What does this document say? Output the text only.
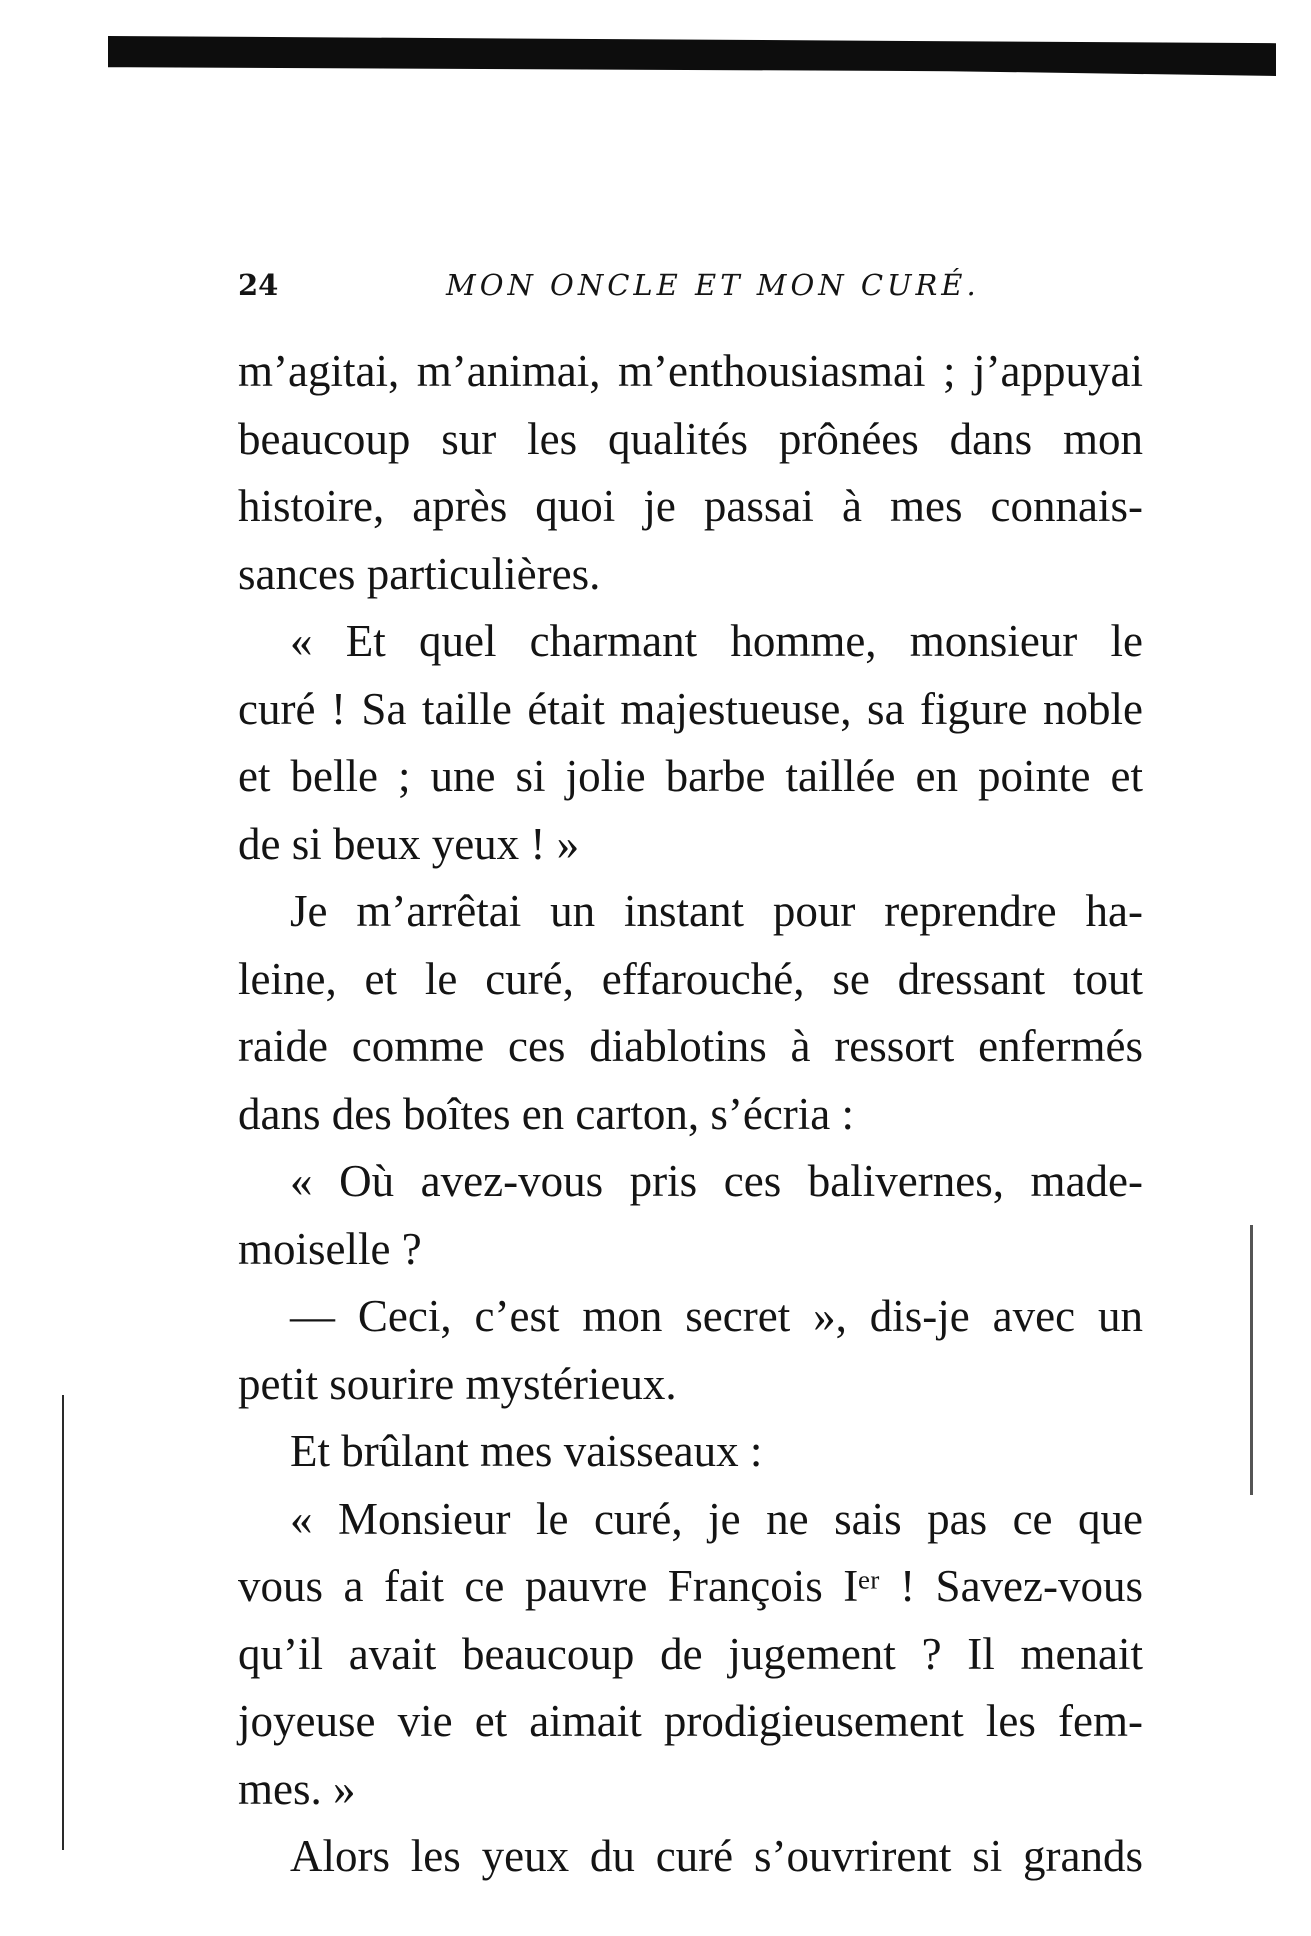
24	MON ONCLE ET MON CURÉ.
m’agitai, m’animai, m’enthousiasmai ; j’appuyai
beaucoup sur les qualités prônées dans mon
histoire, après quoi je passai à mes connais-
sances particulières.
« Et quel charmant homme, monsieur le
curé ! Sa taille était majestueuse, sa figure noble
et belle ; une si jolie barbe taillée en pointe et
de si beux yeux ! »
Je m’arrêtai un instant pour reprendre ha-
leine, et le curé, effarouché, se dressant tout
raide comme ces diablotins à ressort enfermés
dans des boîtes en carton, s’écria :
« Où avez-vous pris ces balivernes, made-
moiselle ?
— Ceci, c’est mon secret », dis-je avec un
petit sourire mystérieux.
Et brûlant mes vaisseaux :
« Monsieur le curé, je ne sais pas ce que
vous a fait ce pauvre François Iᵉʳ ! Savez-vous
qu’il avait beaucoup de jugement ? Il menait
joyeuse vie et aimait prodigieusement les fem-
mes. »
Alors les yeux du curé s’ouvrirent si grands
